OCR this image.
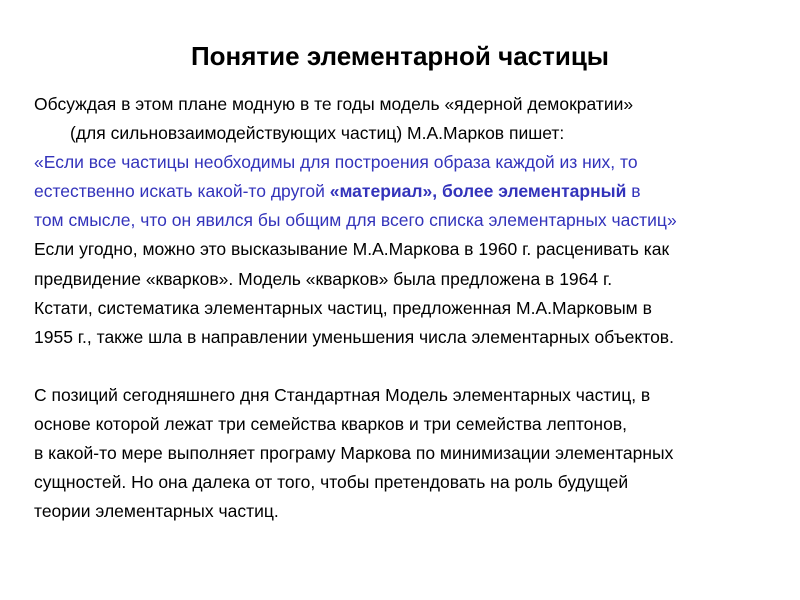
Понятие элементарной частицы
Обсуждая в этом плане модную в те годы модель «ядерной демократии»
(для сильновзаимодействующих частиц) М.А.Марков пишет:
«Если все частицы необходимы для построения образа каждой из них, то
естественно искать какой-то другой «материал», более элементарный в
том смысле, что он явился бы общим для всего списка элементарных частиц»
Если угодно, можно это высказывание М.А.Маркова в 1960 г. расценивать как
предвидение «кварков». Модель «кварков» была предложена в 1964 г.
Кстати, систематика элементарных частиц, предложенная М.А.Марковым в
1955 г., также шла в направлении уменьшения числа элементарных объектов.
С позиций сегодняшнего дня Стандартная Модель элементарных частиц, в
основе которой лежат три семейства кварков и три семейства лептонов,
в какой-то мере выполняет програму Маркова по минимизации элементарных
сущностей. Но она далека от того, чтобы претендовать на роль будущей
теории элементарных частиц.
